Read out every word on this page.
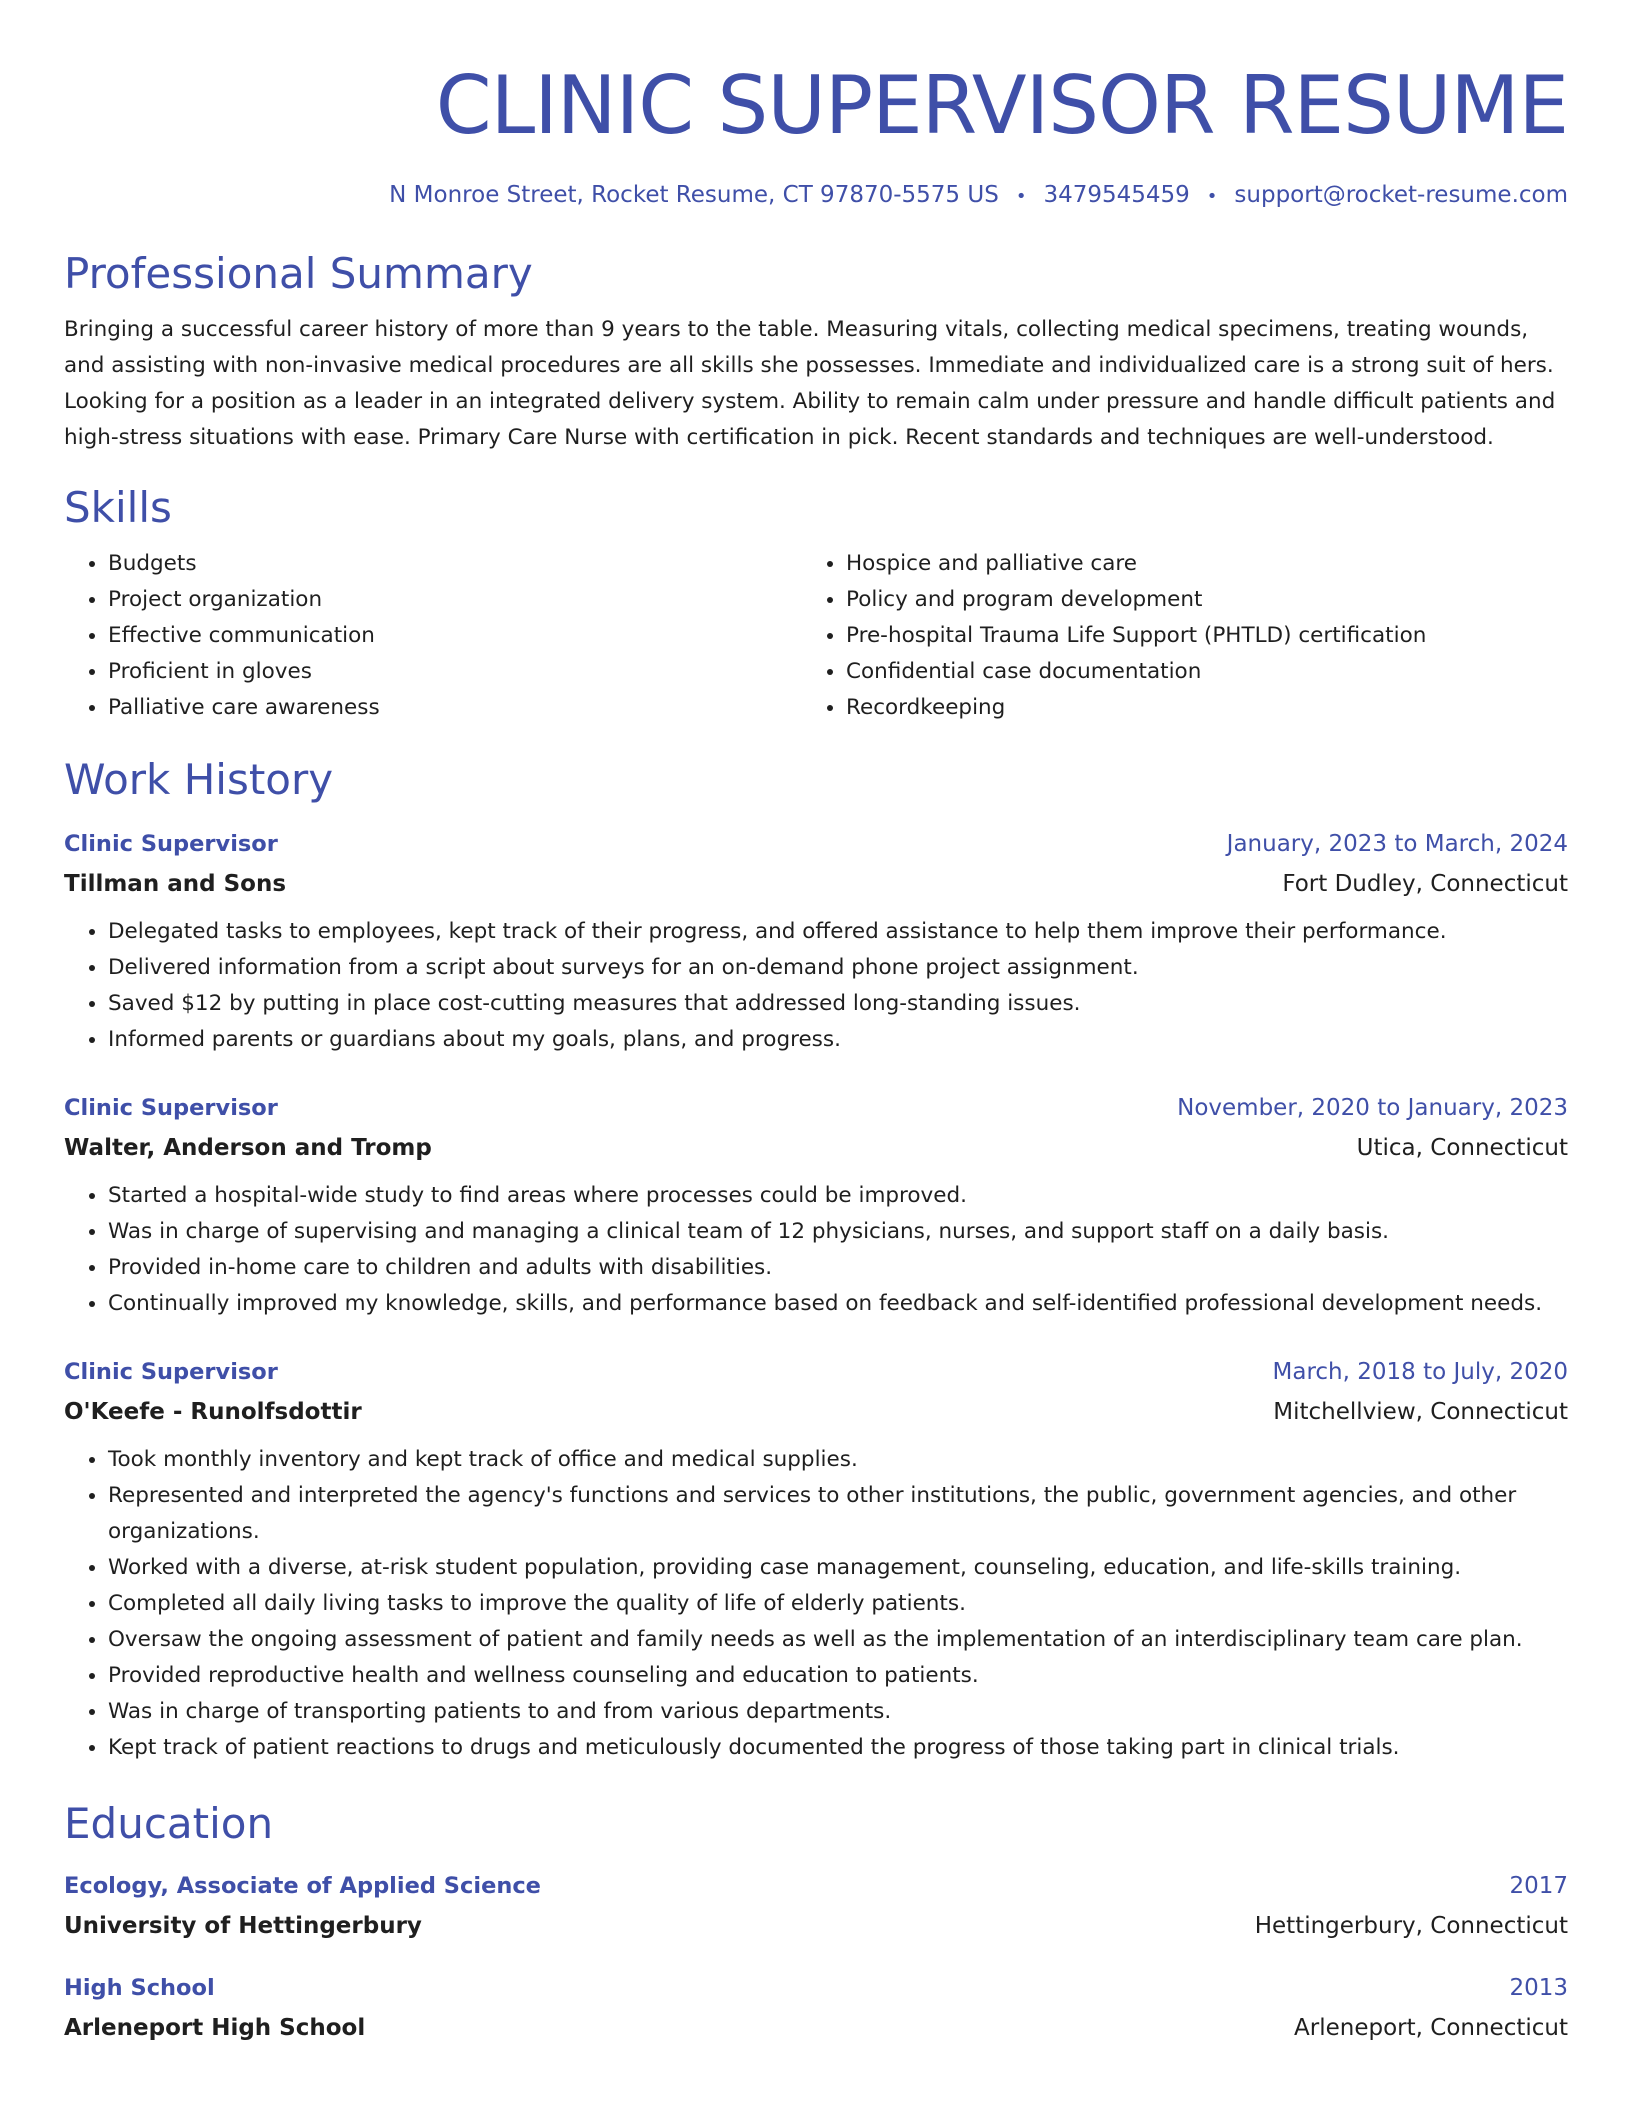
CLINIC SUPERVISOR RESUME
N Monroe Street, Rocket Resume, CT 97870-5575 US • 3479545459 • support@rocket-resume.com
Professional Summary

Bringing a successful career history of more than 9 years to the table. Measuring vitals, collecting medical specimens, treating wounds, and assisting with non-invasive medical procedures are all skills she possesses. Immediate and individualized care is a strong suit of hers. Looking for a position as a leader in an integrated delivery system. Ability to remain calm under pressure and handle difficult patients and high-stress situations with ease. Primary Care Nurse with certification in pick. Recent standards and techniques are well-understood.

Skills
• Budgets
• Project organization
• Effective communication
• Proficient in gloves
• Palliative care awareness
• Hospice and palliative care
• Policy and program development
• Pre-hospital Trauma Life Support (PHTLD) certification
• Confidential case documentation
• Recordkeeping
Work History
Clinic Supervisor	January, 2023 to March, 2024
Tillman and Sons	Fort Dudley, Connecticut
• Delegated tasks to employees, kept track of their progress, and offered assistance to help them improve their performance.
• Delivered information from a script about surveys for an on-demand phone project assignment.
• Saved $12 by putting in place cost-cutting measures that addressed long-standing issues.
• Informed parents or guardians about my goals, plans, and progress.
Clinic Supervisor	November, 2020 to January, 2023
Walter, Anderson and Tromp	Utica, Connecticut
• Started a hospital-wide study to find areas where processes could be improved.
• Was in charge of supervising and managing a clinical team of 12 physicians, nurses, and support staff on a daily basis.
• Provided in-home care to children and adults with disabilities.
• Continually improved my knowledge, skills, and performance based on feedback and self-identified professional development needs.
Clinic Supervisor	March, 2018 to July, 2020
O'Keefe - Runolfsdottir	Mitchellview, Connecticut
• Took monthly inventory and kept track of office and medical supplies.
• Represented and interpreted the agency's functions and services to other institutions, the public, government agencies, and other organizations.
• Worked with a diverse, at-risk student population, providing case management, counseling, education, and life-skills training.
• Completed all daily living tasks to improve the quality of life of elderly patients.
• Oversaw the ongoing assessment of patient and family needs as well as the implementation of an interdisciplinary team care plan.
• Provided reproductive health and wellness counseling and education to patients.
• Was in charge of transporting patients to and from various departments.
• Kept track of patient reactions to drugs and meticulously documented the progress of those taking part in clinical trials.
Education
Ecology, Associate of Applied Science	2017
University of Hettingerbury	Hettingerbury, Connecticut
High School	2013
Arleneport High School	Arleneport, Connecticut
